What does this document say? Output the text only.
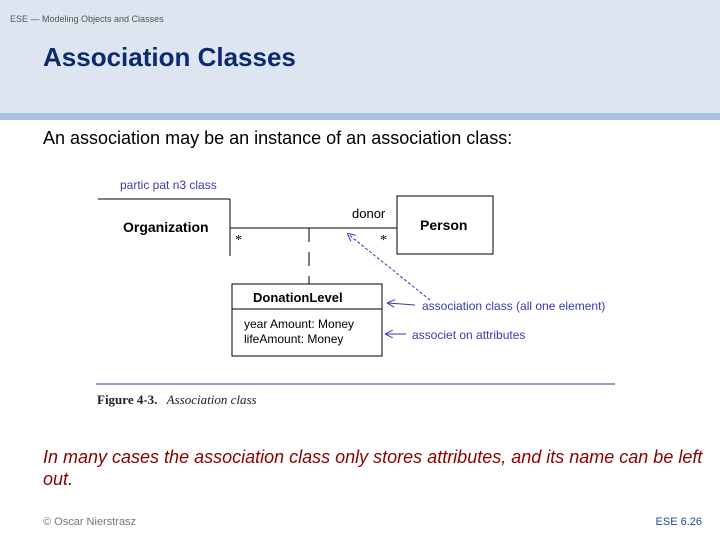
ESE — Modeling Objects and Classes
Association Classes
An association may be an instance of an association class:
partic pat n3 class
Organization
*	*
donor
Person
DonationLevel
year Amount: Money
lifeAmount: Money
association class (all one element)
associet on attributes
Figure 4-3. Association class
In many cases the association class only stores attributes, and its name can be left out.
© Oscar Nierstrasz	ESE 6.26
